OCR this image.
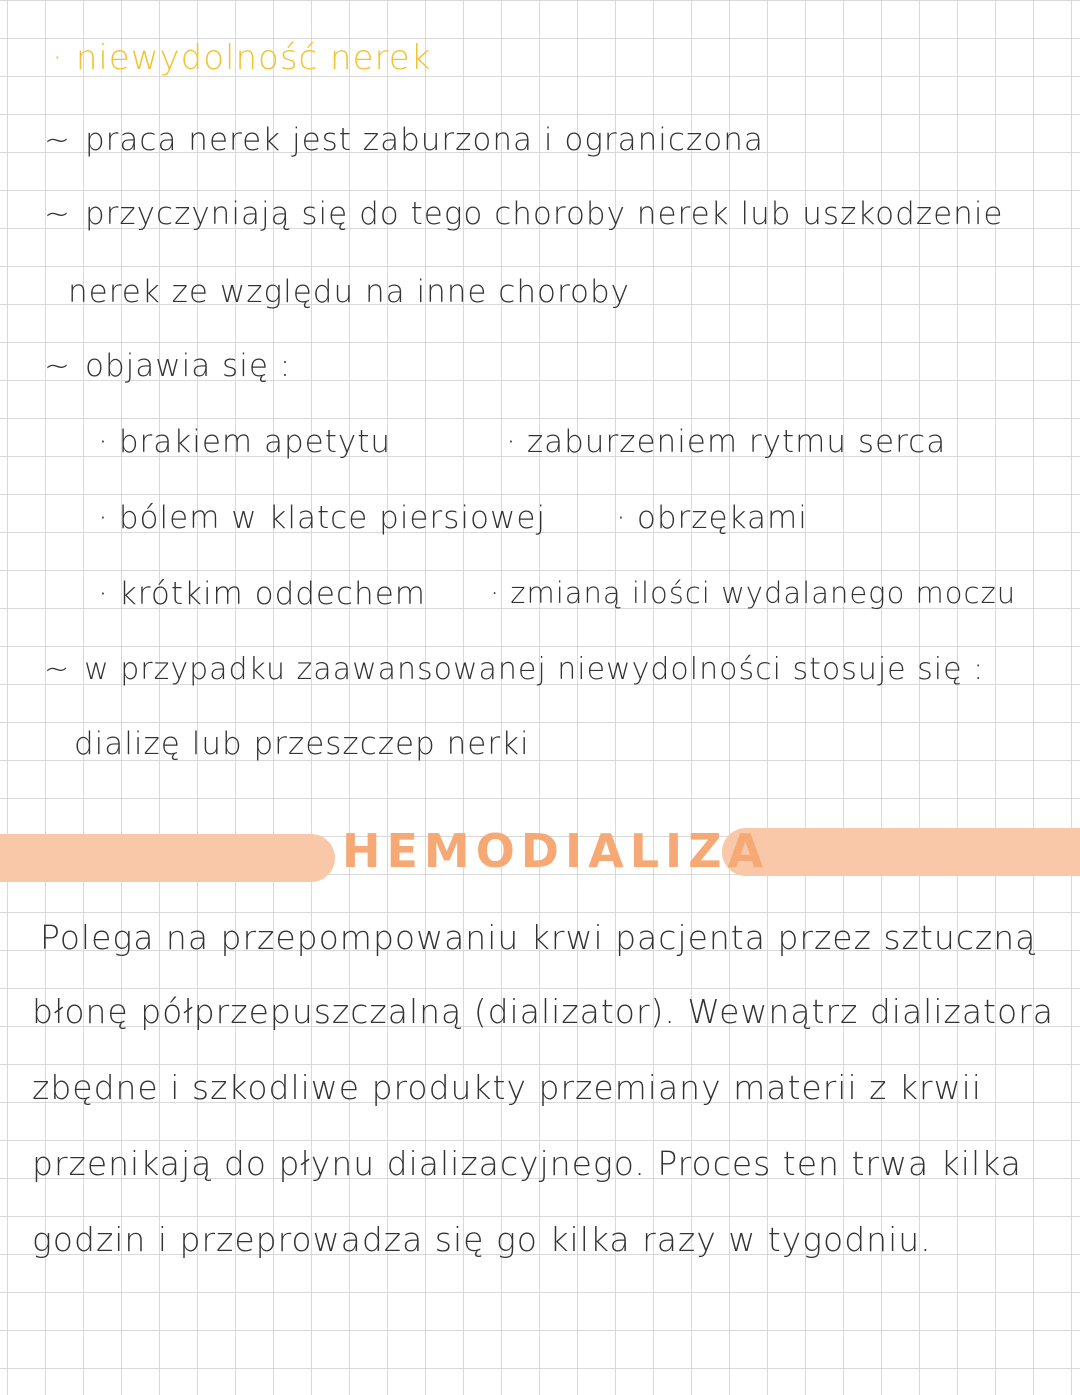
· niewydolność nerek
~ praca nerek jest zaburzona i ograniczona
~ przyczyniają się do tego choroby nerek lub uszkodzenie
nerek ze względu na inne choroby
~ objawia się :
· brakiem apetytu
· bólem w klatce piersiowej
· krótkim oddechem
· zaburzeniem rytmu serca
· obrzękami
· zmianą ilości wydalanego moczu
~ w przypadku zaawansowanej niewydolności stosuje się :
dializę lub przeszczep nerki
HEMODIALIZA
Polega na przepompowaniu krwi pacjenta przez sztuczną
błonę półprzepuszczalną (dializator). Wewnątrz dializatora
zbędne i szkodliwe produkty przemiany materii z krwii
przenikają do płynu dializacyjnego. Proces ten trwa kilka
godzin i przeprowadza się go kilka razy w tygodniu.
